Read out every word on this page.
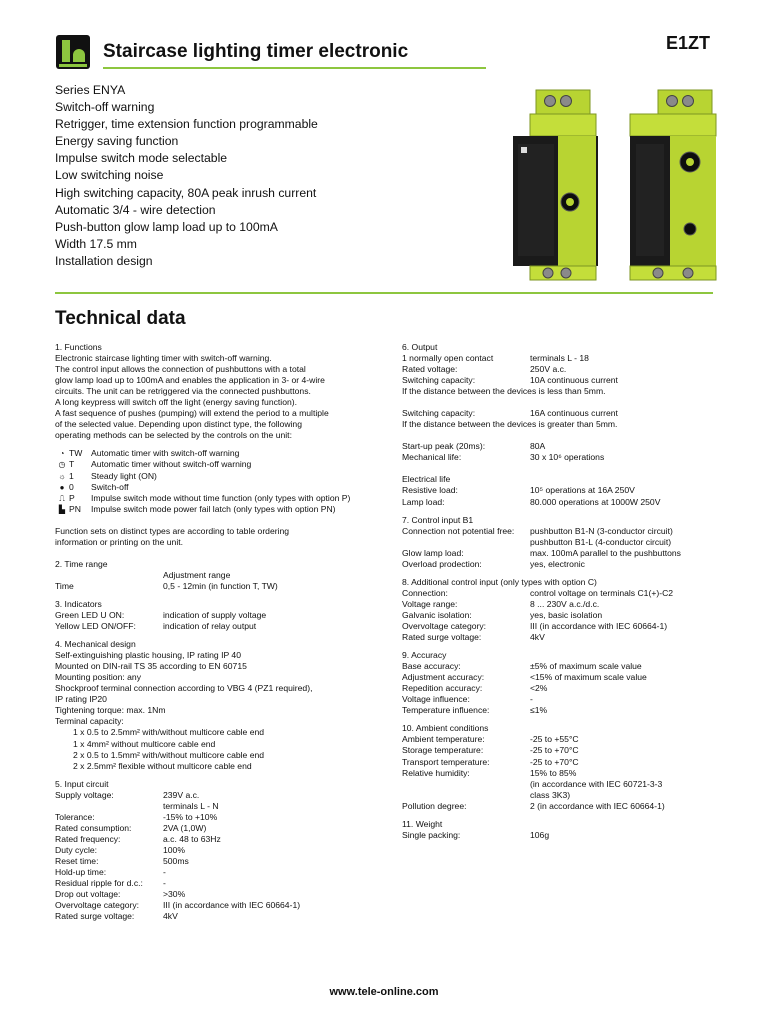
Staircase lighting timer electronic	E1ZT
Series ENYA
Switch-off warning
Retrigger, time extension function programmable
Energy saving function
Impulse switch mode selectable
Low switching noise
High switching capacity, 80A peak inrush current
Automatic 3/4 - wire detection
Push-button glow lamp load up to 100mA
Width 17.5 mm
Installation design
Technical data
1. Functions
Electronic staircase lighting timer with switch-off warning.
The control input allows the connection of pushbuttons with a total
glow lamp load up to 100mA and enables the application in 3- or 4-wire
circuits. The unit can be retriggered via the connected pushbuttons.
A long keypress will switch off the light (energy saving function).
A fast sequence of pushes (pumping) will extend the period to a multiple
of the selected value. Depending upon distinct type, the following
operating methods can be selected by the controls on the unit:
◔ TW	Automatic timer with switch-off warning
◷ T	Automatic timer without switch-off warning
☼ 1	Steady light (ON)
● 0	Switch-off
⎍ P	Impulse switch mode without time function (only types with option P)
▙ PN	Impulse switch mode power fail latch (only types with option PN)
Function sets on distinct types are according to table ordering
information or printing on the unit.
2. Time range
Adjustment range
Time	0,5 - 12min (in function T, TW)
3. Indicators
Green LED U ON:	indication of supply voltage
Yellow LED ON/OFF:	indication of relay output
4. Mechanical design
Self-extinguishing plastic housing, IP rating IP 40
Mounted on DIN-rail TS 35 according to EN 60715
Mounting position: any
Shockproof terminal connection according to VBG 4 (PZ1 required),
IP rating IP20
Tightening torque: max. 1Nm
Terminal capacity:
1 x 0.5 to 2.5mm² with/without multicore cable end
1 x 4mm² without multicore cable end
2 x 0.5 to 1.5mm² with/without multicore cable end
2 x 2.5mm² flexible without multicore cable end
5. Input circuit
Supply voltage:	239V a.c.
terminals L - N
Tolerance:	-15% to +10%
Rated consumption:	2VA (1,0W)
Rated frequency:	a.c. 48 to 63Hz
Duty cycle:	100%
Reset time:	500ms
Hold-up time:	-
Residual ripple for d.c.:	-
Drop out voltage:	>30%
Overvoltage category:	III (in accordance with IEC 60664-1)
Rated surge voltage:	4kV
6. Output
1 normally open contact	terminals L - 18
Rated voltage:	250V a.c.
Switching capacity:	10A continuous current
If the distance between the devices is less than 5mm.
Switching capacity:	16A continuous current
If the distance between the devices is greater than 5mm.
Start-up peak (20ms):	80A
Mechanical life:	30 x 10⁶ operations
Electrical life
Resistive load:	10⁵ operations at 16A 250V
Lamp load:	80.000 operations at 1000W 250V
7. Control input B1
Connection not potential free:	pushbutton B1-N (3-conductor circuit)
pushbutton B1-L (4-conductor circuit)
Glow lamp load:	max. 100mA parallel to the pushbuttons
Overload prodection:	yes, electronic
8. Additional control input (only types with option C)
Connection:	control voltage on terminals C1(+)-C2
Voltage range:	8 ... 230V a.c./d.c.
Galvanic isolation:	yes, basic isolation
Overvoltage category:	III (in accordance with IEC 60664-1)
Rated surge voltage:	4kV
9. Accuracy
Base accuracy:	±5% of maximum scale value
Adjustment accuracy:	<15% of maximum scale value
Repedition accuracy:	<2%
Voltage influence:	-
Temperature influence:	≤1%
10. Ambient conditions
Ambient temperature:	-25 to +55°C
Storage temperature:	-25 to +70°C
Transport temperature:	-25 to +70°C
Relative humidity:	15% to 85%
(in accordance with IEC 60721-3-3
class 3K3)
Pollution degree:	2 (in accordance with IEC 60664-1)
11. Weight
Single packing:	106g
www.tele-online.com
